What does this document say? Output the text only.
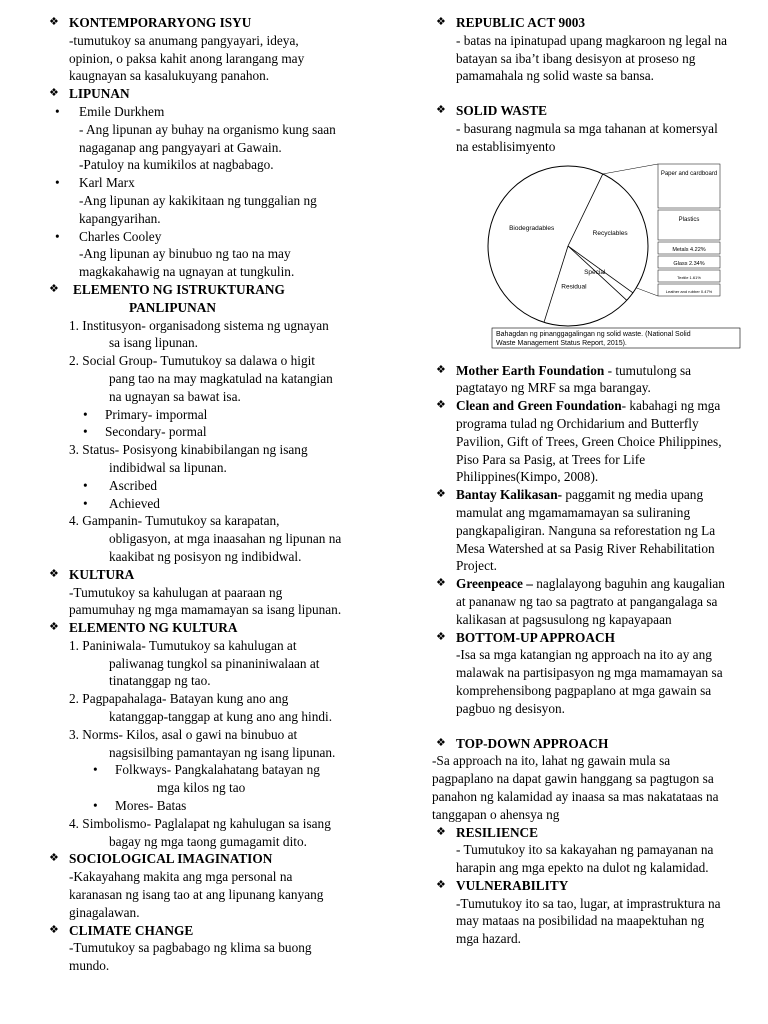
❖ KONTEMPORARYONG ISYU
-tumutukoy sa anumang pangyayari, ideya,
opinion, o paksa kahit anong larangang may
kaugnayan sa kasalukuyang panahon.
❖ LIPUNAN
• Emile Durkhem
- Ang lipunan ay buhay na organismo kung saan
nagaganap ang pangyayari at Gawain.
-Patuloy na kumikilos at nagbabago.
• Karl Marx
-Ang lipunan ay kakikitaan ng tunggalian ng
kapangyarihan.
• Charles Cooley
-Ang lipunan ay binubuo ng tao na may
magkakahawig na ugnayan at tungkulin.
❖	ELEMENTO NG ISTRUKTURANG
PANLIPUNAN
1. Institusyon- organisadong sistema ng ugnayan
sa isang lipunan.
2. Social Group- Tumutukoy sa dalawa o higit
pang tao na may magkatulad na katangian
na ugnayan sa bawat isa.
• Primary- impormal
• Secondary- pormal
3. Status- Posisyong kinabibilangan ng isang
indibidwal sa lipunan.
• Ascribed
• Achieved
4. Gampanin- Tumutukoy sa karapatan,
obligasyon, at mga inaasahan ng lipunan na
kaakibat ng posisyon ng indibidwal.
❖ KULTURA
-Tumutukoy sa kahulugan at paaraan ng
pamumuhay ng mga mamamayan sa isang lipunan.
❖ ELEMENTO NG KULTURA
1. Paniniwala- Tumutukoy sa kahulugan at
paliwanag tungkol sa pinaniniwalaan at
tinatanggap ng tao.
2. Pagpapahalaga- Batayan kung ano ang
katanggap-tanggap at kung ano ang hindi.
3. Norms- Kilos, asal o gawi na binubuo at
nagsisilbing pamantayan ng isang lipunan.
• Folkways- Pangkalahatang batayan ng
mga kilos ng tao
• Mores- Batas
4. Simbolismo- Paglalapat ng kahulugan sa isang
bagay ng mga taong gumagamit dito.
❖ SOCIOLOGICAL IMAGINATION
-Kakayahang makita ang mga personal na
karanasan ng isang tao at ang lipunang kanyang
ginagalawan.
❖ CLIMATE CHANGE
-Tumutukoy sa pagbabago ng klima sa buong
mundo.
❖ REPUBLIC ACT 9003
- batas na ipinatupad upang magkaroon ng legal na
batayan sa iba’t ibang desisyon at proseso ng
pamamahala ng solid waste sa bansa.
❖ SOLID WASTE
- basurang nagmula sa mga tahanan at komersyal
na establisimyento
Recyclables
Special
Residual
Biodegradables
Paper and cardboard
Plastics
Metals 4.22%
Glass 2.34%
Textile 1.61%
Leather and rubber 0.47%
Bahagdan ng pinanggagalingan ng solid waste. (National Solid
Waste Management Status Report, 2015).
❖ Mother Earth Foundation - tumutulong sa
pagtatayo ng MRF sa mga barangay.
❖ Clean and Green Foundation- kabahagi ng mga
programa tulad ng Orchidarium and Butterfly
Pavilion, Gift of Trees, Green Choice Philippines,
Piso Para sa Pasig, at Trees for Life
Philippines(Kimpo, 2008).
❖ Bantay Kalikasan- paggamit ng media upang
mamulat ang mgamamamayan sa suliraning
pangkapaligiran. Nanguna sa reforestation ng La
Mesa Watershed at sa Pasig River Rehabilitation
Project.
❖ Greenpeace – naglalayong baguhin ang kaugalian
at pananaw ng tao sa pagtrato at pangangalaga sa
kalikasan at pagsusulong ng kapayapaan
❖ BOTTOM-UP APPROACH
-Isa sa mga katangian ng approach na ito ay ang
malawak na partisipasyon ng mga mamamayan sa
komprehensibong pagpaplano at mga gawain sa
pagbuo ng desisyon.
❖ TOP-DOWN APPROACH
-Sa approach na ito, lahat ng gawain mula sa
pagpaplano na dapat gawin hanggang sa pagtugon sa
panahon ng kalamidad ay inaasa sa mas nakatataas na
tanggapan o ahensya ng
❖ RESILIENCE
- Tumutukoy ito sa kakayahan ng pamayanan na
harapin ang mga epekto na dulot ng kalamidad.
❖ VULNERABILITY
-Tumutukoy ito sa tao, lugar, at imprastruktura na
may mataas na posibilidad na maapektuhan ng
mga hazard.
